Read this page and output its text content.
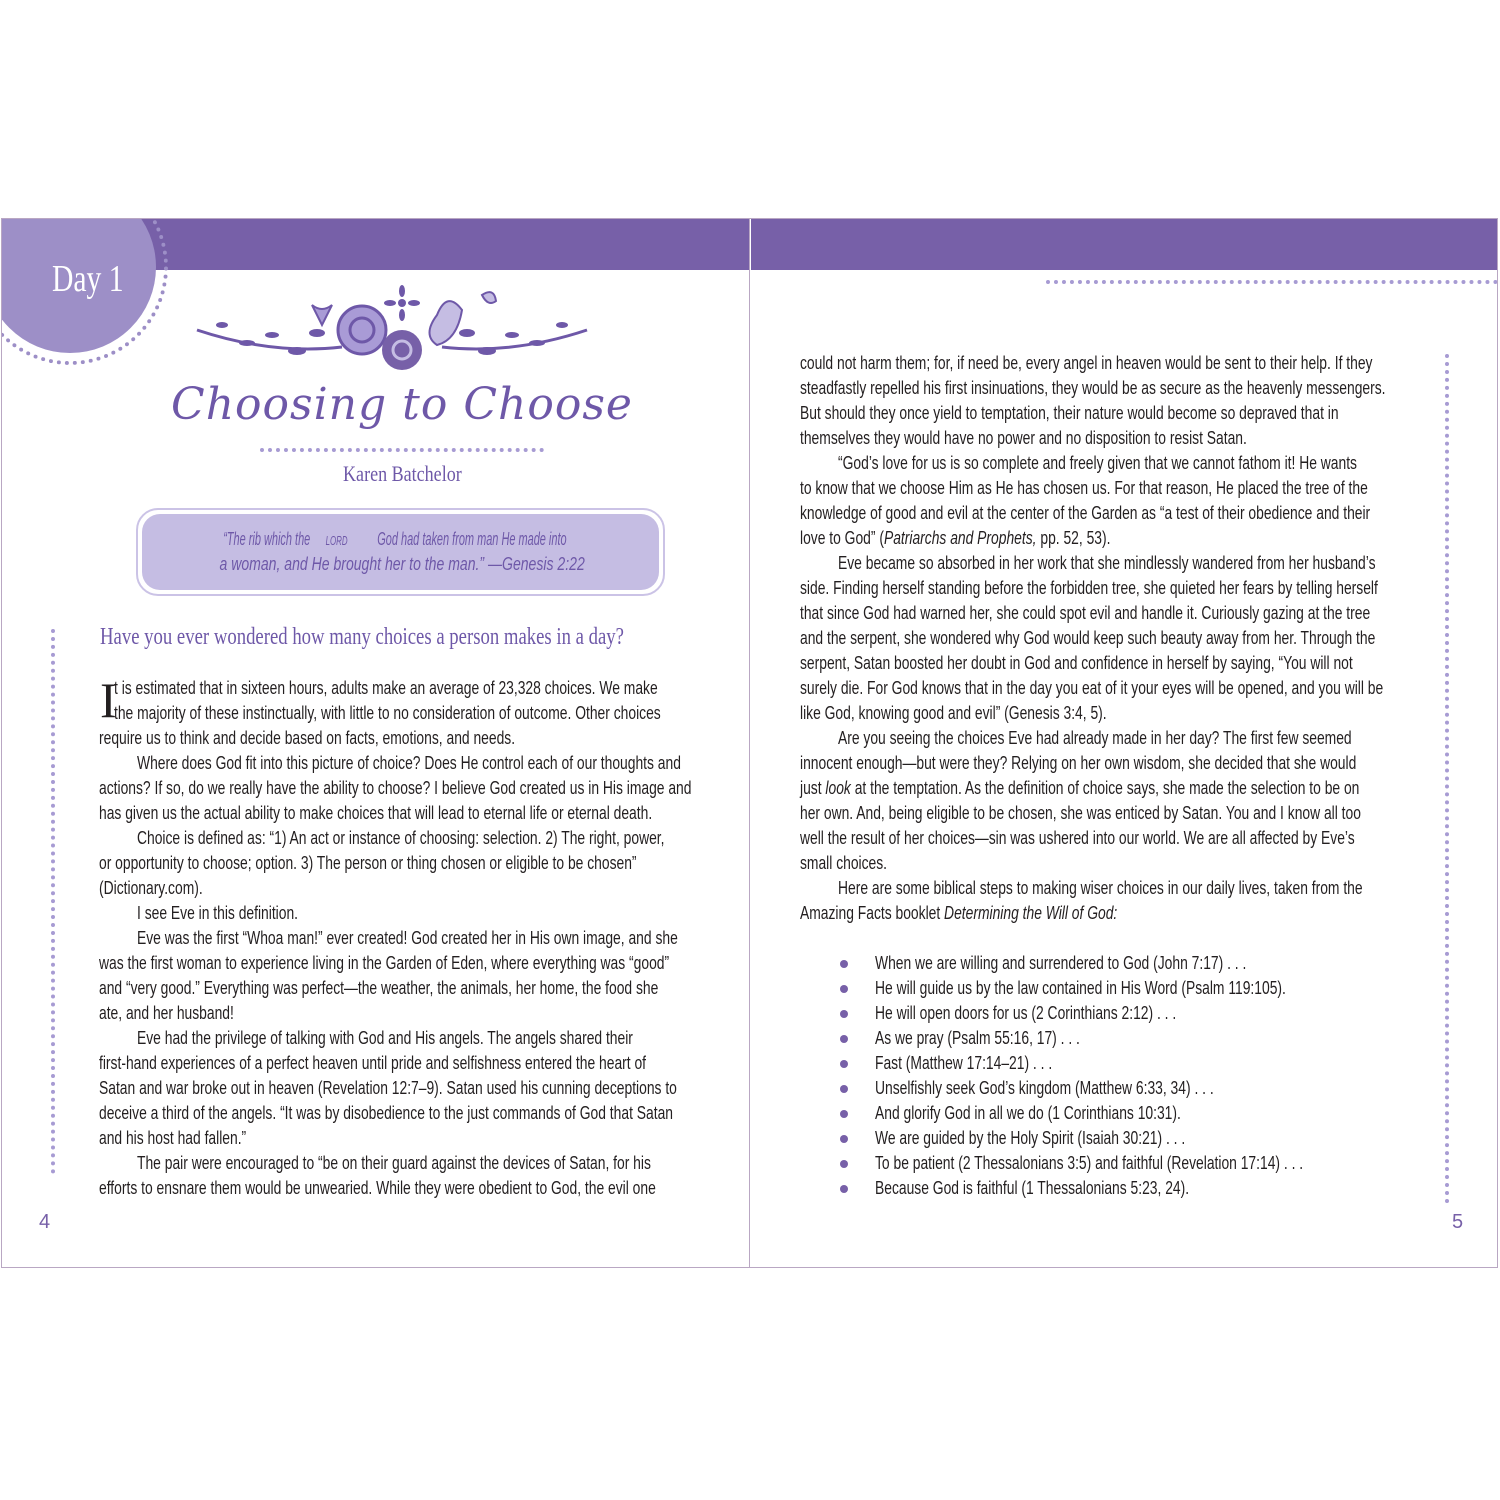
Day 1
Choosing to Choose
Karen Batchelor
“The rib which theLORDGod had taken from man He made into
a woman, and He brought her to the man.” —Genesis 2:22
Have you ever wondered how many choices a person makes in a day?
I
t is estimated that in sixteen hours, adults make an average of 23,328 choices. We make
the majority of these instinctually, with little to no consideration of outcome. Other choices
require us to think and decide based on facts, emotions, and needs.
Where does God fit into this picture of choice? Does He control each of our thoughts and
actions? If so, do we really have the ability to choose? I believe God created us in His image and
has given us the actual ability to make choices that will lead to eternal life or eternal death.
Choice is defined as: “1) An act or instance of choosing: selection. 2) The right, power,
or opportunity to choose; option. 3) The person or thing chosen or eligible to be chosen”
(Dictionary.com).
I see Eve in this definition.
Eve was the first “Whoa man!” ever created! God created her in His own image, and she
was the first woman to experience living in the Garden of Eden, where everything was “good”
and “very good.” Everything was perfect—the weather, the animals, her home, the food she
ate, and her husband!
Eve had the privilege of talking with God and His angels. The angels shared their
first-hand experiences of a perfect heaven until pride and selfishness entered the heart of
Satan and war broke out in heaven (Revelation 12:7–9). Satan used his cunning deceptions to
deceive a third of the angels. “It was by disobedience to the just commands of God that Satan
and his host had fallen.”
The pair were encouraged to “be on their guard against the devices of Satan, for his
efforts to ensnare them would be unwearied. While they were obedient to God, the evil one
could not harm them; for, if need be, every angel in heaven would be sent to their help. If they
steadfastly repelled his first insinuations, they would be as secure as the heavenly messengers.
But should they once yield to temptation, their nature would become so depraved that in
themselves they would have no power and no disposition to resist Satan.
“God’s love for us is so complete and freely given that we cannot fathom it! He wants
to know that we choose Him as He has chosen us. For that reason, He placed the tree of the
knowledge of good and evil at the center of the Garden as “a test of their obedience and their
love to God” (Patriarchs and Prophets, pp. 52, 53).
Eve became so absorbed in her work that she mindlessly wandered from her husband’s
side. Finding herself standing before the forbidden tree, she quieted her fears by telling herself
that since God had warned her, she could spot evil and handle it. Curiously gazing at the tree
and the serpent, she wondered why God would keep such beauty away from her. Through the
serpent, Satan boosted her doubt in God and confidence in herself by saying, “You will not
surely die. For God knows that in the day you eat of it your eyes will be opened, and you will be
like God, knowing good and evil” (Genesis 3:4, 5).
Are you seeing the choices Eve had already made in her day? The first few seemed
innocent enough—but were they? Relying on her own wisdom, she decided that she would
just look at the temptation. As the definition of choice says, she made the selection to be on
her own. And, being eligible to be chosen, she was enticed by Satan. You and I know all too
well the result of her choices—sin was ushered into our world. We are all affected by Eve’s
small choices.
Here are some biblical steps to making wiser choices in our daily lives, taken from the
Amazing Facts booklet Determining the Will of God:
When we are willing and surrendered to God (John 7:17) . . .
He will guide us by the law contained in His Word (Psalm 119:105).
He will open doors for us (2 Corinthians 2:12) . . .
As we pray (Psalm 55:16, 17) . . .
Fast (Matthew 17:14–21) . . .
Unselfishly seek God’s kingdom (Matthew 6:33, 34) . . .
And glorify God in all we do (1 Corinthians 10:31).
We are guided by the Holy Spirit (Isaiah 30:21) . . .
To be patient (2 Thessalonians 3:5) and faithful (Revelation 17:14) . . .
Because God is faithful (1 Thessalonians 5:23, 24).
4	5
